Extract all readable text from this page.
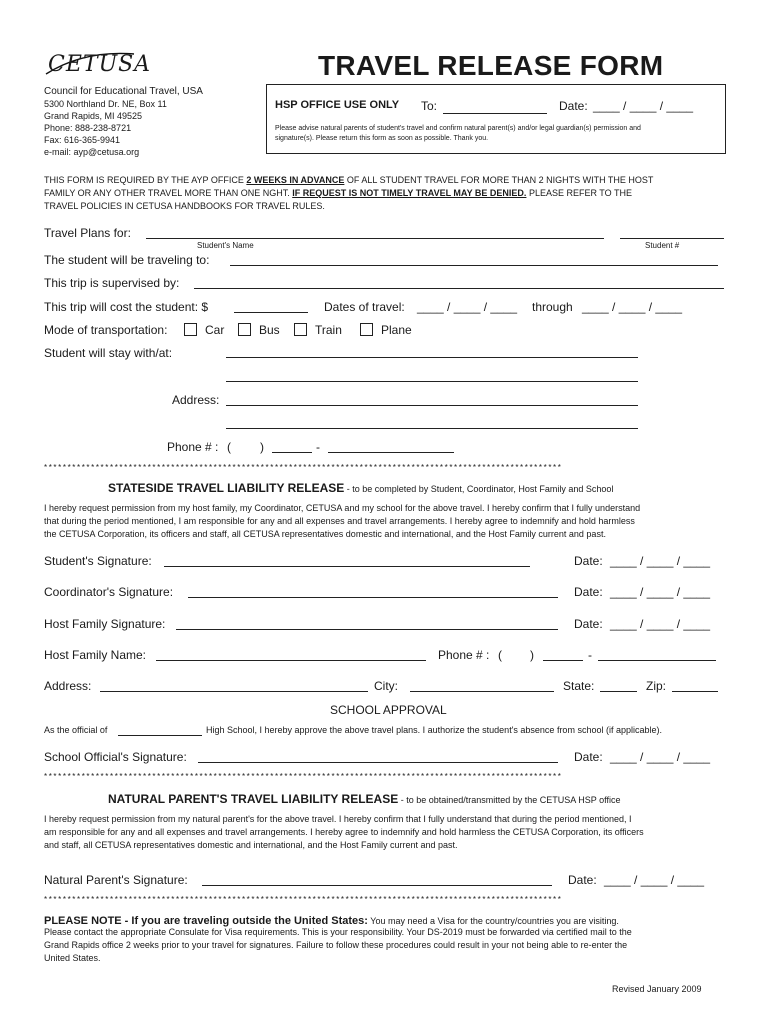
CETUSA
Council for Educational Travel, USA
5300 Northland Dr. NE, Box 11
Grand Rapids, MI 49525
Phone: 888-238-8721
Fax: 616-365-9941
e-mail: ayp@cetusa.org
TRAVEL RELEASE FORM
HSP OFFICE USE ONLY To:	Date: ____ / ____ / ____
Please advise natural parents of student's travel and confirm natural parent(s) and/or legal guardian(s) permission and
signature(s). Please return this form as soon as possible. Thank you.
THIS FORM IS REQUIRED BY THE AYP OFFICE 2 WEEKS IN ADVANCE OF ALL STUDENT TRAVEL FOR MORE THAN 2 NIGHTS WITH THE HOST
FAMILY OR ANY OTHER TRAVEL MORE THAN ONE NGHT. IF REQUEST IS NOT TIMELY TRAVEL MAY BE DENIED. PLEASE REFER TO THE
TRAVEL POLICIES IN CETUSA HANDBOOKS FOR TRAVEL RULES.
Travel Plans for:
Student's Name	Student #
The student will be traveling to:
This trip is supervised by:
This trip will cost the student: $	Dates of travel: ____ / ____ / ____ through ____ / ____ / ____
Mode of transportation:	Car	Bus	Train	Plane
Student will stay with/at:
Address:
Phone # : ( )	-
**************************************************************************************************************
STATESIDE TRAVEL LIABILITY RELEASE - to be completed by Student, Coordinator, Host Family and School
I hereby request permission from my host family, my Coordinator, CETUSA and my school for the above travel. I hereby confirm that I fully understand
that during the period mentioned, I am responsible for any and all expenses and travel arrangements. I hereby agree to indemnify and hold harmless
the CETUSA Corporation, its officers and staff, all CETUSA representatives domestic and international, and the Host Family current and past.
Student's Signature:	Date: ____ / ____ / ____
Coordinator's Signature:	Date: ____ / ____ / ____
Host Family Signature:	Date: ____ / ____ / ____
Host Family Name:	Phone # : ( )	-
Address:	City:	State:	Zip:
SCHOOL APPROVAL
As the official of	High School, I hereby approve the above travel plans. I authorize the student's absence from school (if applicable).
School Official's Signature:	Date: ____ / ____ / ____
**************************************************************************************************************
NATURAL PARENT'S TRAVEL LIABILITY RELEASE - to be obtained/transmitted by the CETUSA HSP office
I hereby request permission from my natural parent's for the above travel. I hereby confirm that I fully understand that during the period mentioned, I
am responsible for any and all expenses and travel arrangements. I hereby agree to indemnify and hold harmless the CETUSA Corporation, its officers
and staff, all CETUSA representatives domestic and international, and the Host Family current and past.
Natural Parent's Signature:	Date: ____ / ____ / ____
**************************************************************************************************************
PLEASE NOTE - If you are traveling outside the United States: You may need a Visa for the country/countries you are visiting.
Please contact the appropriate Consulate for Visa requirements. This is your responsibility. Your DS-2019 must be forwarded via certified mail to the
Grand Rapids office 2 weeks prior to your travel for signatures. Failure to follow these procedures could result in your not being able to re-enter the
United States.
Revised January 2009
